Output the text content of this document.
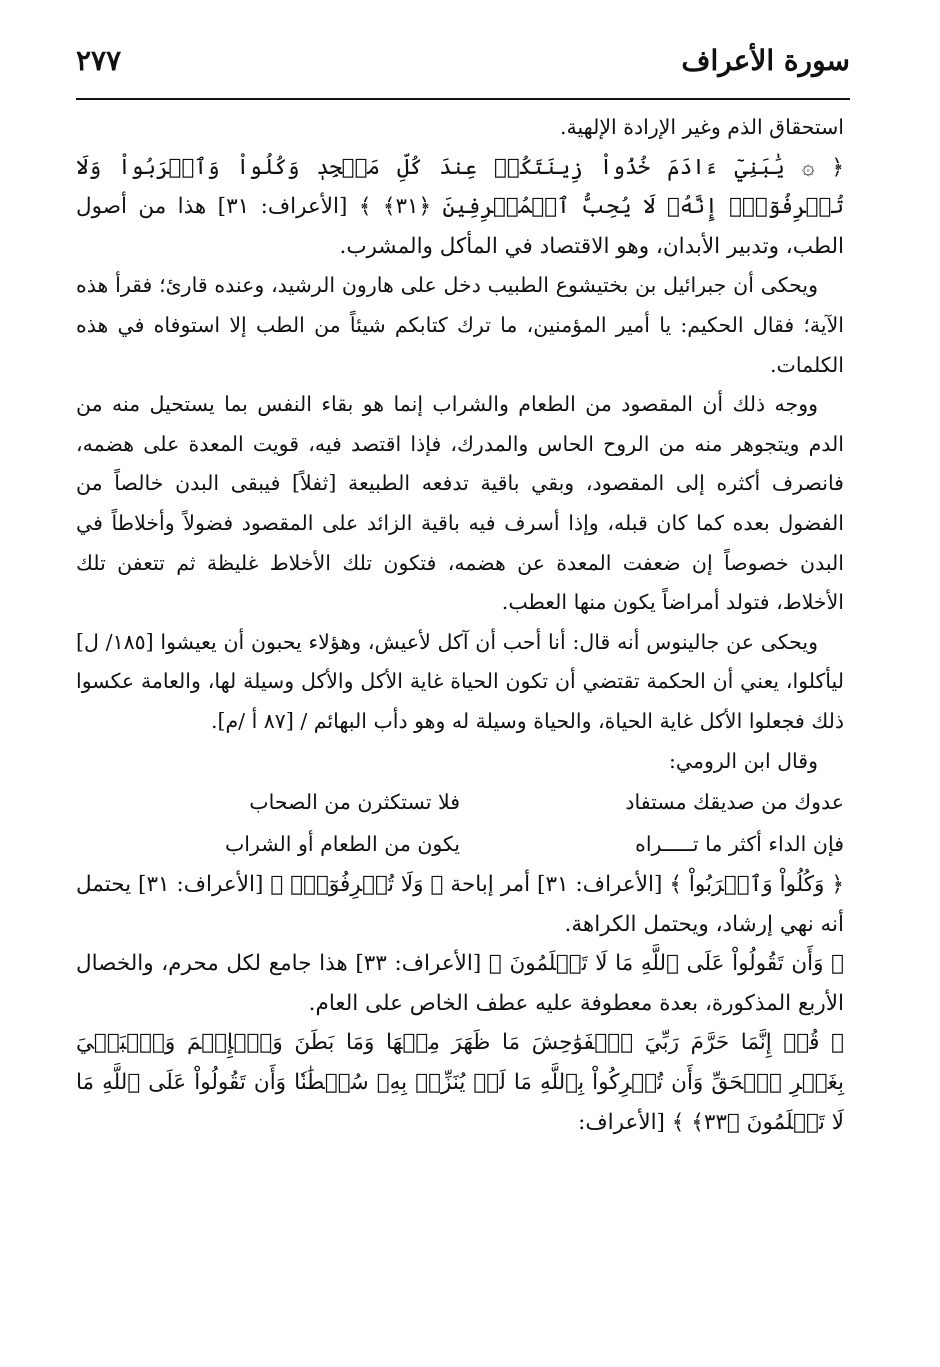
سورة الأعراف
٢٧٧

استحقاق الذم وغير الإرادة الإلهية.

﴿ ۞ يَٰبَنِيٓ ءَادَمَ خُذُواْ زِينَتَكُمۡ عِندَ كُلِّ مَسۡجِدٖ وَكُلُواْ وَٱشۡرَبُواْ وَلَا تُسۡرِفُوٓاْۚ إِنَّهُۥ لَا يُحِبُّ ٱلۡمُسۡرِفِينَ ﴿٣١﴾ ﴾ [الأعراف: ٣١] هذا من أصول الطب، وتدبير الأبدان، وهو الاقتصاد في المأكل والمشرب.

ويحكى أن جبرائيل بن بختيشوع الطبيب دخل على هارون الرشيد، وعنده قارئ؛ فقرأ هذه الآية؛ فقال الحكيم: يا أمير المؤمنين، ما ترك كتابكم شيئاً من الطب إلا استوفاه في هذه الكلمات.

ووجه ذلك أن المقصود من الطعام والشراب إنما هو بقاء النفس بما يستحيل منه من الدم ويتجوهر منه من الروح الحاس والمدرك، فإذا اقتصد فيه، قويت المعدة على هضمه، فانصرف أكثره إلى المقصود، وبقي باقية تدفعه الطبيعة [ثفلاً] فيبقى البدن خالصاً من الفضول بعده كما كان قبله، وإذا أسرف فيه باقية الزائد على المقصود فضولاً وأخلاطاً في البدن خصوصاً إن ضعفت المعدة عن هضمه، فتكون تلك الأخلاط غليظة ثم تتعفن تلك الأخلاط، فتولد أمراضاً يكون منها العطب.

ويحكى عن جالينوس أنه قال: أنا أحب أن آكل لأعيش، وهؤلاء يحبون أن يعيشوا [١٨٥/ ل] ليأكلوا، يعني أن الحكمة تقتضي أن تكون الحياة غاية الأكل والأكل وسيلة لها، والعامة عكسوا ذلك فجعلوا الأكل غاية الحياة، والحياة وسيلة له وهو دأب البهائم / [٨٧ أ /م].

وقال ابن الرومي:

عدوك من صديقك مستفاد
فلا تستكثرن من الصحاب
فإن الداء أكثر ما تـــــراه
يكون من الطعام أو الشراب

﴿ وَكُلُواْ وَٱشۡرَبُواْ ﴾ [الأعراف: ٣١] أمر إباحة ﴿ وَلَا تُسۡرِفُوٓاْۚ ﴾ [الأعراف: ٣١] يحتمل أنه نهي إرشاد، ويحتمل الكراهة.

﴿ وَأَن تَقُولُواْ عَلَى ٱللَّهِ مَا لَا تَعۡلَمُونَ ﴾ [الأعراف: ٣٣] هذا جامع لكل محرم، والخصال الأربع المذكورة، بعدة معطوفة عليه عطف الخاص على العام.

﴿ قُلۡ إِنَّمَا حَرَّمَ رَبِّيَ ٱلۡفَوَٰحِشَ مَا ظَهَرَ مِنۡهَا وَمَا بَطَنَ وَٱلۡإِثۡمَ وَٱلۡبَغۡيَ بِغَيۡرِ ٱلۡحَقِّ وَأَن تُشۡرِكُواْ بِٱللَّهِ مَا لَمۡ يُنَزِّلۡ بِهِۦ سُلۡطَٰنٗا وَأَن تَقُولُواْ عَلَى ٱللَّهِ مَا لَا تَعۡلَمُونَ ﴿٣٣﴾ ﴾ [الأعراف:
